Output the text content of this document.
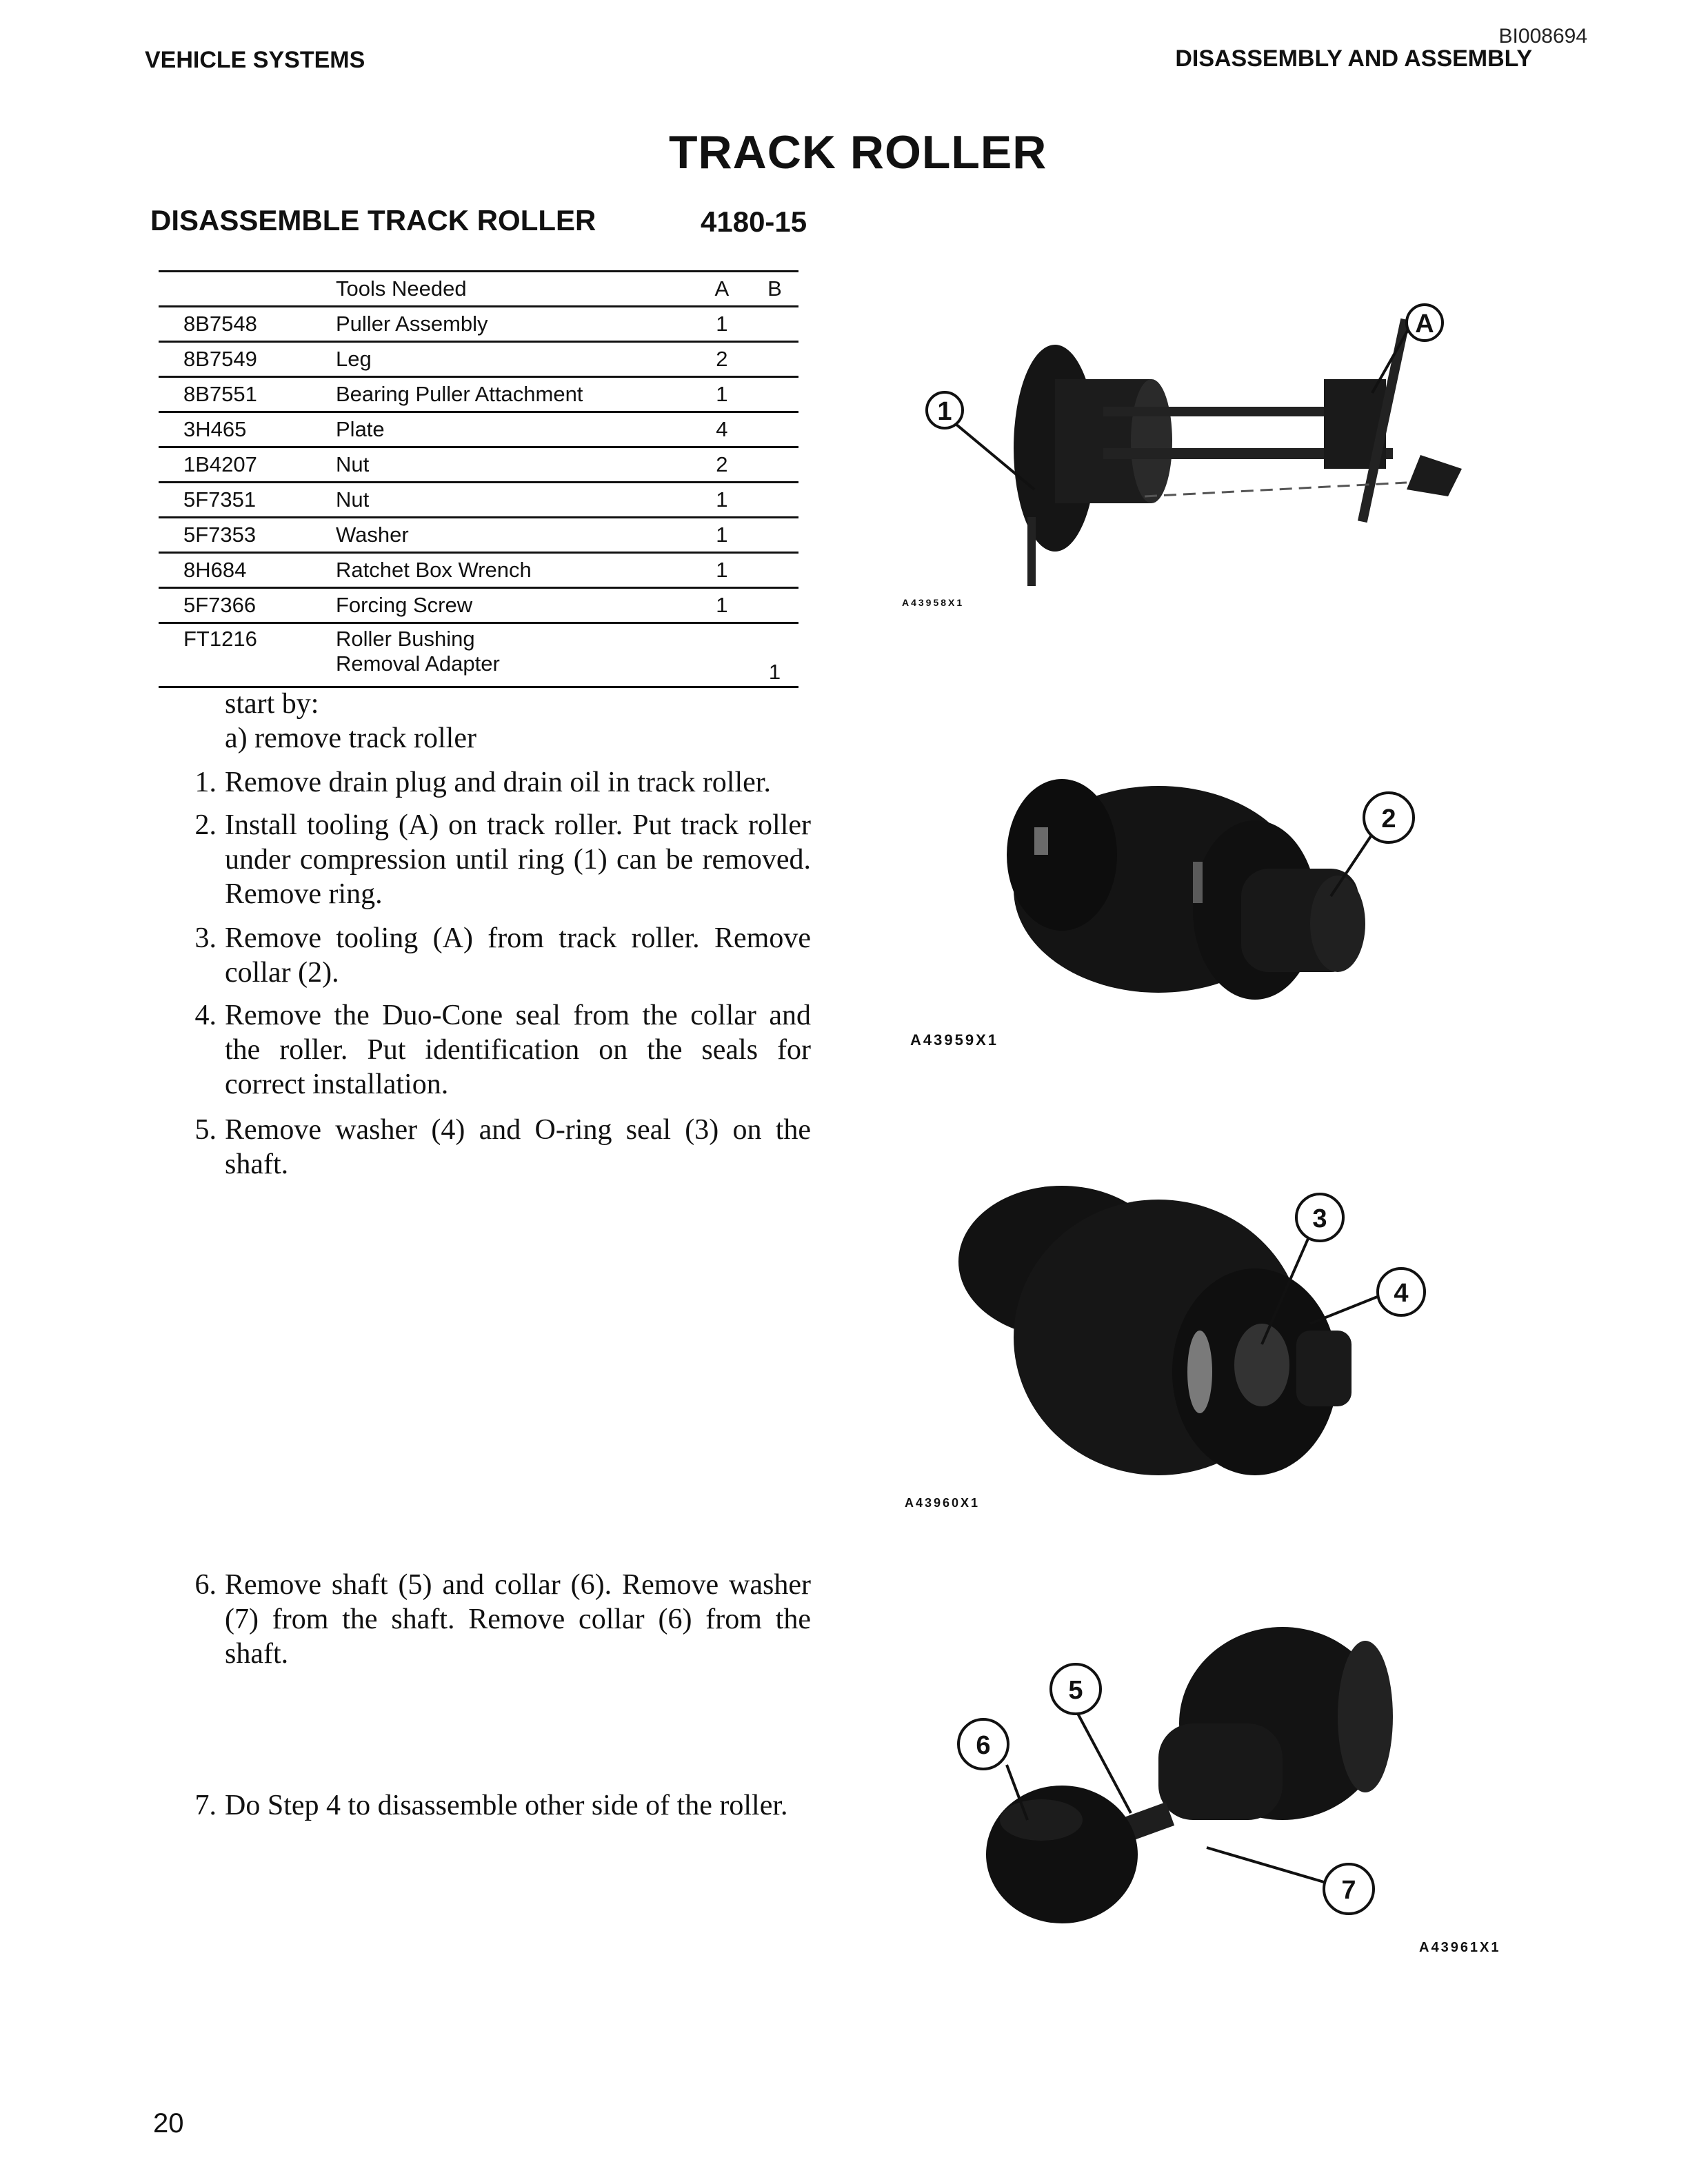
BI008694
VEHICLE SYSTEMS	DISASSEMBLY AND ASSEMBLY
TRACK ROLLER
DISASSEMBLE TRACK ROLLER	4180-15
	Tools Needed	A	B
8B7548	Puller Assembly	1	
8B7549	Leg	2	
8B7551	Bearing Puller Attachment	1	
3H465	Plate	4	
1B4207	Nut	2	
5F7351	Nut	1	
5F7353	Washer	1	
8H684	Ratchet Box Wrench	1	
5F7366	Forcing Screw	1	
FT1216	Roller Bushing
Removal Adapter		1
start by:
a) remove track roller
1. Remove drain plug and drain oil in track roller.
2. Install tooling (A) on track roller. Put track roller under compression until ring (1) can be removed. Remove ring.
3. Remove tooling (A) from track roller. Remove collar (2).
4. Remove the Duo-Cone seal from the collar and the roller. Put identification on the seals for correct installation.
5. Remove washer (4) and O-ring seal (3) on the shaft.
6. Remove shaft (5) and collar (6). Remove washer (7) from the shaft. Remove collar (6) from the shaft.
7. Do Step 4 to disassemble other side of the roller.
1
A
A43958X1
2
A43959X1
3
4
A43960X1
5
6
7
A43961X1
20
